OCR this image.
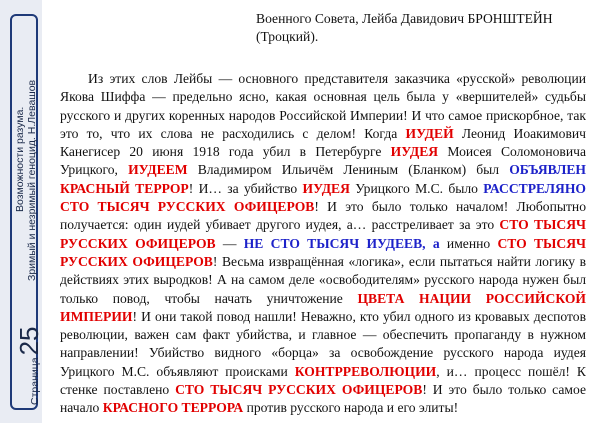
Возможности разума. Зримый и незримый геноцид. Н.Левашов
Страница25
Военного Совета, Лейба Давидович БРОНШТЕЙН
(Троцкий).

Из этих слов Лейбы — основного представителя заказчика «русской» революции Якова Шиффа — предельно ясно, какая основная цель была у «вершителей» судьбы русского и других коренных народов Российской Империи! И что самое прискорбное, так это то, что их слова не расходились с делом! Когда ИУДЕЙ Леонид Иоакимович Канегисер 20 июня 1918 года убил в Петербурге ИУДЕЯ Моисея Соломоновича Урицкого, ИУДЕЕМ Владимиром Ильичём Лениным (Бланком) был ОБЪЯВЛЕН КРАСНЫЙ ТЕРРОР! И… за убийство ИУДЕЯ Урицкого М.С. было РАССТРЕЛЯНО СТО ТЫСЯЧ РУССКИХ ОФИЦЕРОВ! И это было только началом! Любопытно получается: один иудей убивает другого иудея, а… расстреливает за это СТО ТЫСЯЧ РУССКИХ ОФИЦЕРОВ — НЕ СТО ТЫСЯЧ ИУДЕЕВ, а именно СТО ТЫСЯЧ РУССКИХ ОФИЦЕРОВ! Весьма извращённая «логика», если пытаться найти логику в действиях этих выродков! А на самом деле «освободителям» русского народа нужен был только повод, чтобы начать уничтожение ЦВЕТА НАЦИИ РОССИЙСКОЙ ИМПЕРИИ! И они такой повод нашли! Неважно, кто убил одного из кровавых деспотов революции, важен сам факт убийства, и главное — обеспечить пропаганду в нужном направлении! Убийство видного «борца» за освобождение русского народа иудея Урицкого М.С. объявляют происками КОНТРРЕВОЛЮЦИИ, и… процесс пошёл! К стенке поставлено СТО ТЫСЯЧ РУССКИХ ОФИЦЕРОВ! И это было только самое начало КРАСНОГО ТЕРРОРА против русского народа и его элиты!
